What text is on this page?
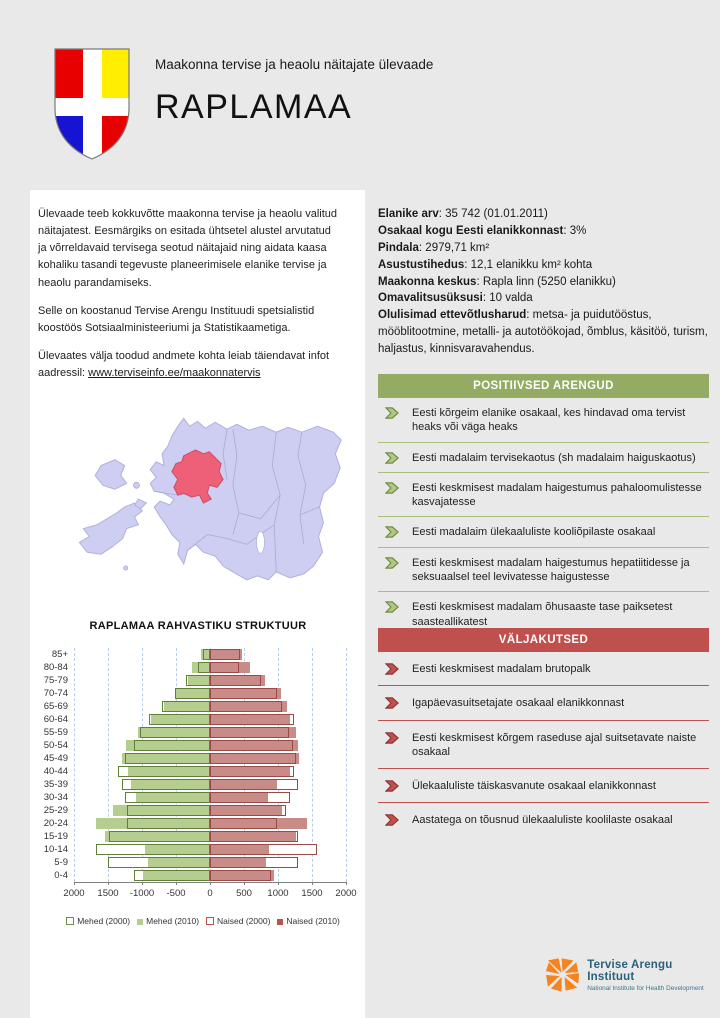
Maakonna tervise ja heaolu näitajate ülevaade
RAPLAMAA

Ülevaade teeb kokkuvõtte maakonna tervise ja heaolu valitud näitajatest. Eesmärgiks on esitada ühtsetel alustel arvutatud ja võrreldavaid tervisega seotud näitajaid ning aidata kaasa kohaliku tasandi tegevuste planeerimisele elanike tervise ja heaolu parandamiseks.

Selle on koostanud Tervise Arengu Instituudi spetsialistid koostöös Sotsiaalministeeriumi ja Statistikaametiga.

Ülevaates välja toodud andmete kohta leiab täiendavat infot aadressil: www.terviseinfo.ee/maakonnatervis

RAPLAMAA RAHVASTIKU STRUKTUUR
85+
80-84
75-79
70-74
65-69
60-64
55-59
50-54
45-49
40-44
35-39
30-34
25-29
20-24
15-19
10-14
5-9
0-4
2000 1500 -1000 -500 0 500 1000 1500 2000
Mehed (2000)	Mehed (2010)	Naised (2000)	Naised (2010)
Elanike arv: 35 742 (01.01.2011)
Osakaal kogu Eesti elanikkonnast: 3%
Pindala: 2979,71 km²
Asustustihedus: 12,1 elanikku km² kohta
Maakonna keskus: Rapla linn (5250 elanikku)
Omavalitsusüksusi: 10 valda
Olulisimad ettevõtlusharud: metsa- ja puidutööstus, mööblitootmine, metalli- ja autotöökojad, õmblus, käsitöö, turism, haljastus, kinnisvaravahendus.
POSITIIVSED ARENGUD
Eesti kõrgeim elanike osakaal, kes hindavad oma tervist heaks või väga heaks
Eesti madalaim tervisekaotus (sh madalaim haiguskaotus)
Eesti keskmisest madalam haigestumus pahaloomulistesse kasvajatesse
Eesti madalaim ülekaaluliste kooliõpilaste osakaal
Eesti keskmisest madalam haigestumus hepatiitidesse ja seksuaalsel teel levivatesse haigustesse
Eesti keskmisest madalam õhusaaste tase paiksetest saasteallikatest
VÄLJAKUTSED
Eesti keskmisest madalam brutopalk
Igapäevasuitsetajate osakaal elanikkonnast
Eesti keskmisest kõrgem raseduse ajal suitsetavate naiste osakaal
Ülekaaluliste täiskasvanute osakaal elanikkonnast
Aastatega on tõusnud ülekaaluliste koolilaste osakaal
Tervise Arengu Instituut
National Institute for Health Development
